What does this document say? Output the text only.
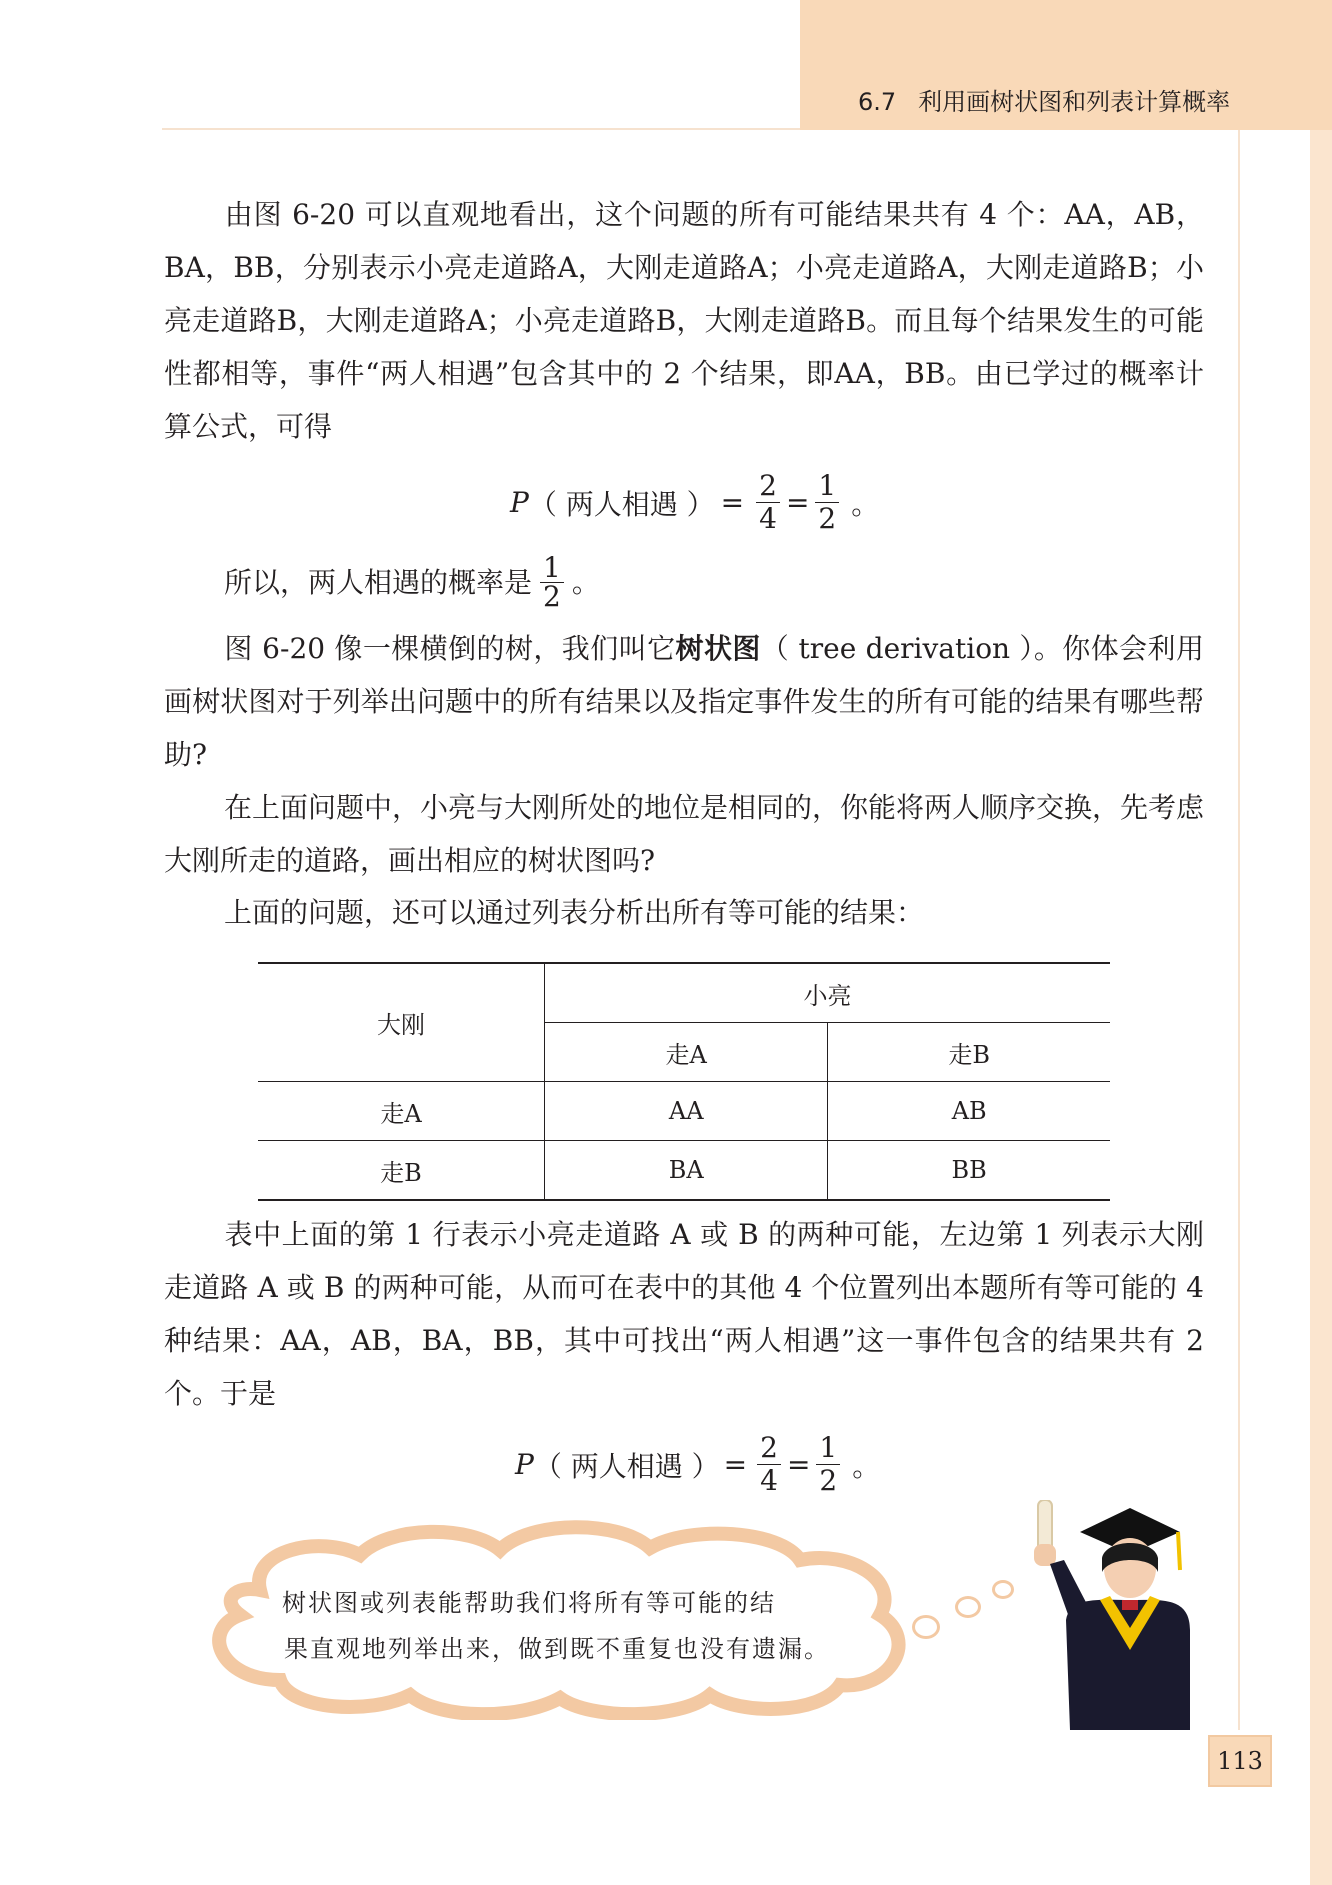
6.7 利用画树状图和列表计算概率
由图 6-20 可以直观地看出，这个问题的所有可能结果共有 4 个：AA，AB，BA，BB，分别表示小亮走道路A，大刚走道路A；小亮走道路A，大刚走道路B；小亮走道路B，大刚走道路A；小亮走道路B，大刚走道路B。而且每个结果发生的可能性都相等，事件“两人相遇”包含其中的 2 个结果，即AA，BB。由已学过的概率计算公式，可得
P （ 两人相遇 ） = $\frac{2}{4} = \frac{1}{2}$ 。
所以，两人相遇的概率是 $\frac{1}{2}$ 。
图 6-20 像一棵横倒的树，我们叫它树状图（ tree derivation ）。你体会利用画树状图对于列举出问题中的所有结果以及指定事件发生的所有可能的结果有哪些帮助?
在上面问题中，小亮与大刚所处的地位是相同的，你能将两人顺序交换，先考虑大刚所走的道路，画出相应的树状图吗?
上面的问题，还可以通过列表分析出所有等可能的结果：
大刚	小亮	
	走A	走B
走A	AA	AB
走B	BA	BB
表中上面的第 1 行表示小亮走道路 A 或 B 的两种可能，左边第 1 列表示大刚走道路 A 或 B 的两种可能，从而可在表中的其他 4 个位置列出本题所有等可能的 4 种结果：AA，AB，BA，BB，其中可找出“两人相遇”这一事件包含的结果共有 2 个。于是
P （ 两人相遇 ） = $\frac{2}{4} = \frac{1}{2}$ 。
树状图或列表能帮助我们将所有等可能的结
果直观地列举出来，做到既不重复也没有遗漏。
113
